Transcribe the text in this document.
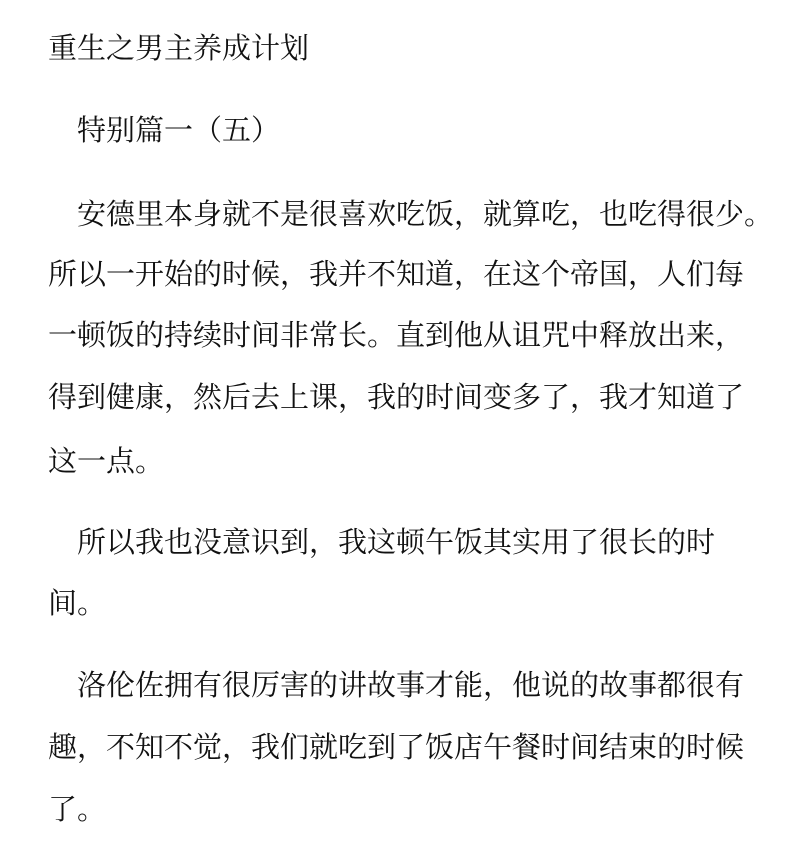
重生之男主养成计划
　特别篇一（五）
　安德里本身就不是很喜欢吃饭，就算吃，也吃得很少。
所以一开始的时候，我并不知道，在这个帝国，人们每
一顿饭的持续时间非常长。直到他从诅咒中释放出来，
得到健康，然后去上课，我的时间变多了，我才知道了
这一点。
　所以我也没意识到，我这顿午饭其实用了很长的时
间。
　洛伦佐拥有很厉害的讲故事才能，他说的故事都很有
趣，不知不觉，我们就吃到了饭店午餐时间结束的时候
了。
